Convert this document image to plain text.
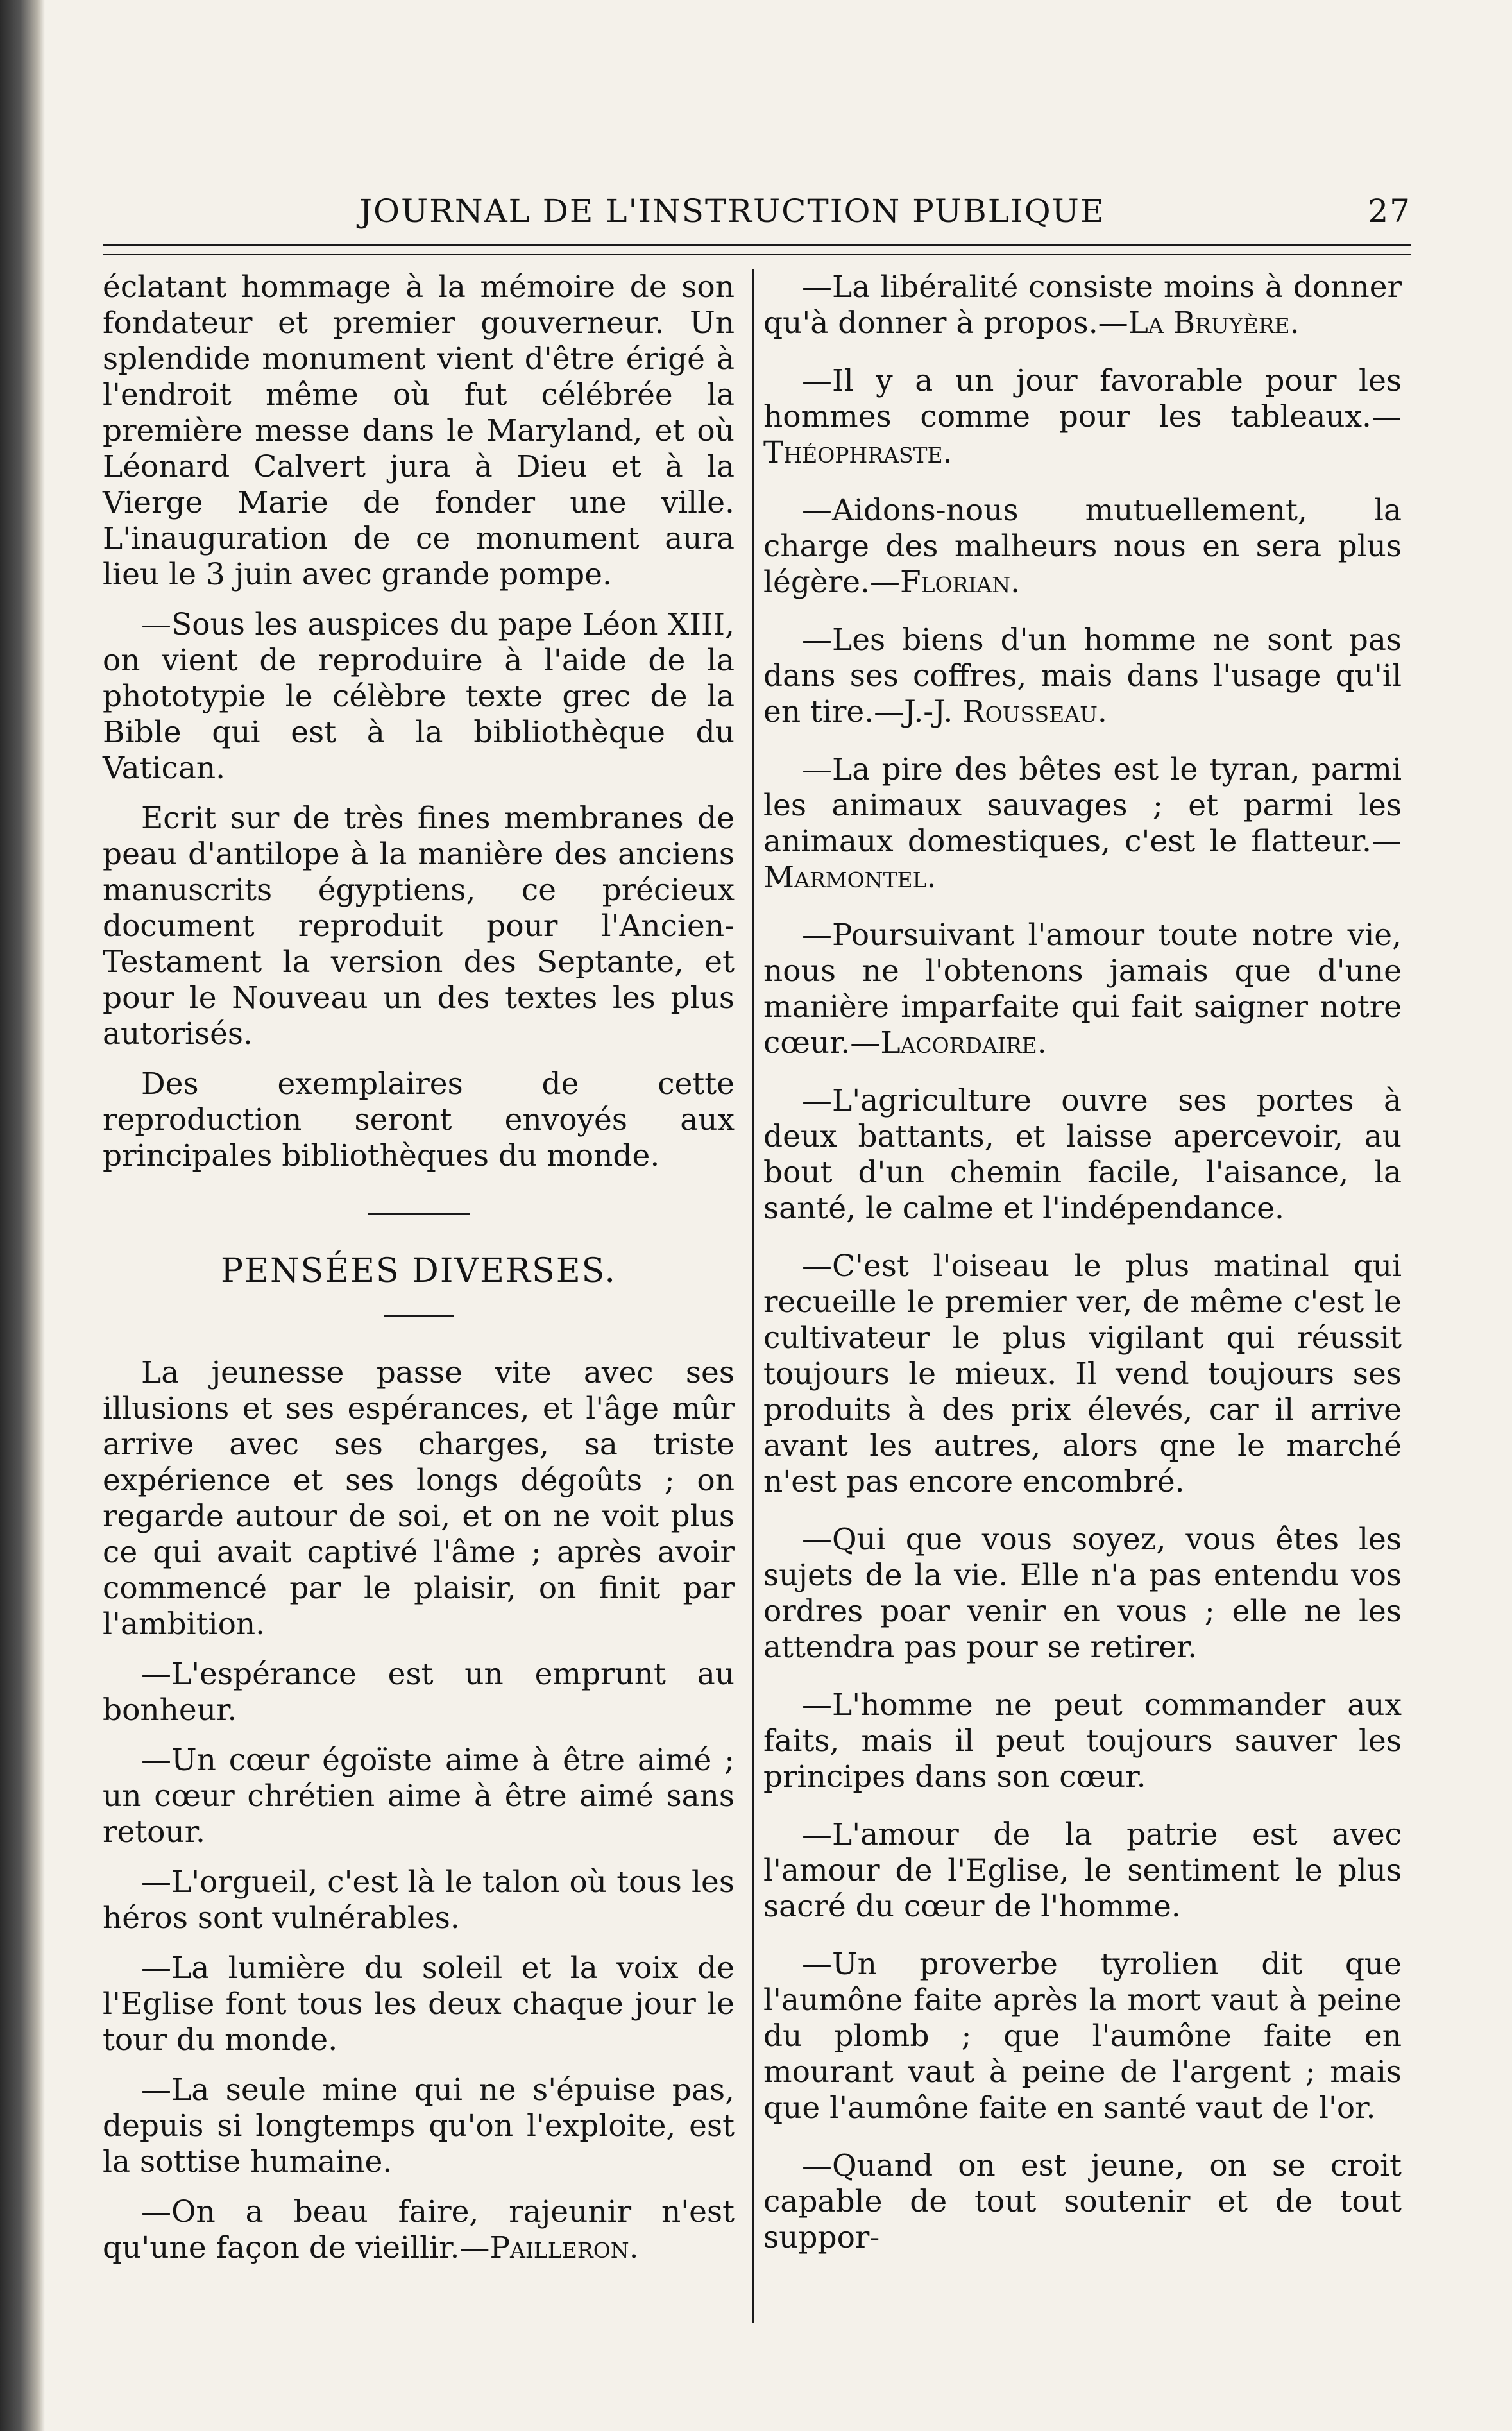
JOURNAL DE L'INSTRUCTION PUBLIQUE	27

éclatant hommage à la mémoire de son fondateur et premier gouverneur. Un splendide monument vient d'être érigé à l'endroit même où fut célébrée la première messe dans le Maryland, et où Léonard Calvert jura à Dieu et à la Vierge Marie de fonder une ville. L'inauguration de ce monument aura lieu le 3 juin avec grande pompe.

—Sous les auspices du pape Léon XIII, on vient de reproduire à l'aide de la phototypie le célèbre texte grec de la Bible qui est à la bibliothèque du Vatican.

Ecrit sur de très fines membranes de peau d'antilope à la manière des anciens manuscrits égyptiens, ce précieux document reproduit pour l'Ancien-Testament la version des Septante, et pour le Nouveau un des textes les plus autorisés.

Des exemplaires de cette reproduction seront envoyés aux principales bibliothèques du monde.

PENSÉES DIVERSES.

La jeunesse passe vite avec ses illusions et ses espérances, et l'âge mûr arrive avec ses charges, sa triste expérience et ses longs dégoûts ; on regarde autour de soi, et on ne voit plus ce qui avait captivé l'âme ; après avoir commencé par le plaisir, on finit par l'ambition.

—L'espérance est un emprunt au bonheur.

—Un cœur égoïste aime à être aimé ; un cœur chrétien aime à être aimé sans retour.

—L'orgueil, c'est là le talon où tous les héros sont vulnérables.

—La lumière du soleil et la voix de l'Eglise font tous les deux chaque jour le tour du monde.

—La seule mine qui ne s'épuise pas, depuis si longtemps qu'on l'exploite, est la sottise humaine.

—On a beau faire, rajeunir n'est qu'une façon de vieillir.—Pailleron.

—La libéralité consiste moins à donner qu'à donner à propos.—La Bruyère.

—Il y a un jour favorable pour les hommes comme pour les tableaux.—Théophraste.

—Aidons-nous mutuellement, la charge des malheurs nous en sera plus légère.—Florian.

—Les biens d'un homme ne sont pas dans ses coffres, mais dans l'usage qu'il en tire.—J.-J. Rousseau.

—La pire des bêtes est le tyran, parmi les animaux sauvages ; et parmi les animaux domestiques, c'est le flatteur.—Marmontel.

—Poursuivant l'amour toute notre vie, nous ne l'obtenons jamais que d'une manière imparfaite qui fait saigner notre cœur.—Lacordaire.

—L'agriculture ouvre ses portes à deux battants, et laisse apercevoir, au bout d'un chemin facile, l'aisance, la santé, le calme et l'indépendance.

—C'est l'oiseau le plus matinal qui recueille le premier ver, de même c'est le cultivateur le plus vigilant qui réussit toujours le mieux. Il vend toujours ses produits à des prix élevés, car il arrive avant les autres, alors qne le marché n'est pas encore encombré.

—Qui que vous soyez, vous êtes les sujets de la vie. Elle n'a pas entendu vos ordres poar venir en vous ; elle ne les attendra pas pour se retirer.

—L'homme ne peut commander aux faits, mais il peut toujours sauver les principes dans son cœur.

—L'amour de la patrie est avec l'amour de l'Eglise, le sentiment le plus sacré du cœur de l'homme.

—Un proverbe tyrolien dit que l'aumône faite après la mort vaut à peine du plomb ; que l'aumône faite en mourant vaut à peine de l'argent ; mais que l'aumône faite en santé vaut de l'or.

—Quand on est jeune, on se croit capable de tout soutenir et de tout suppor-
